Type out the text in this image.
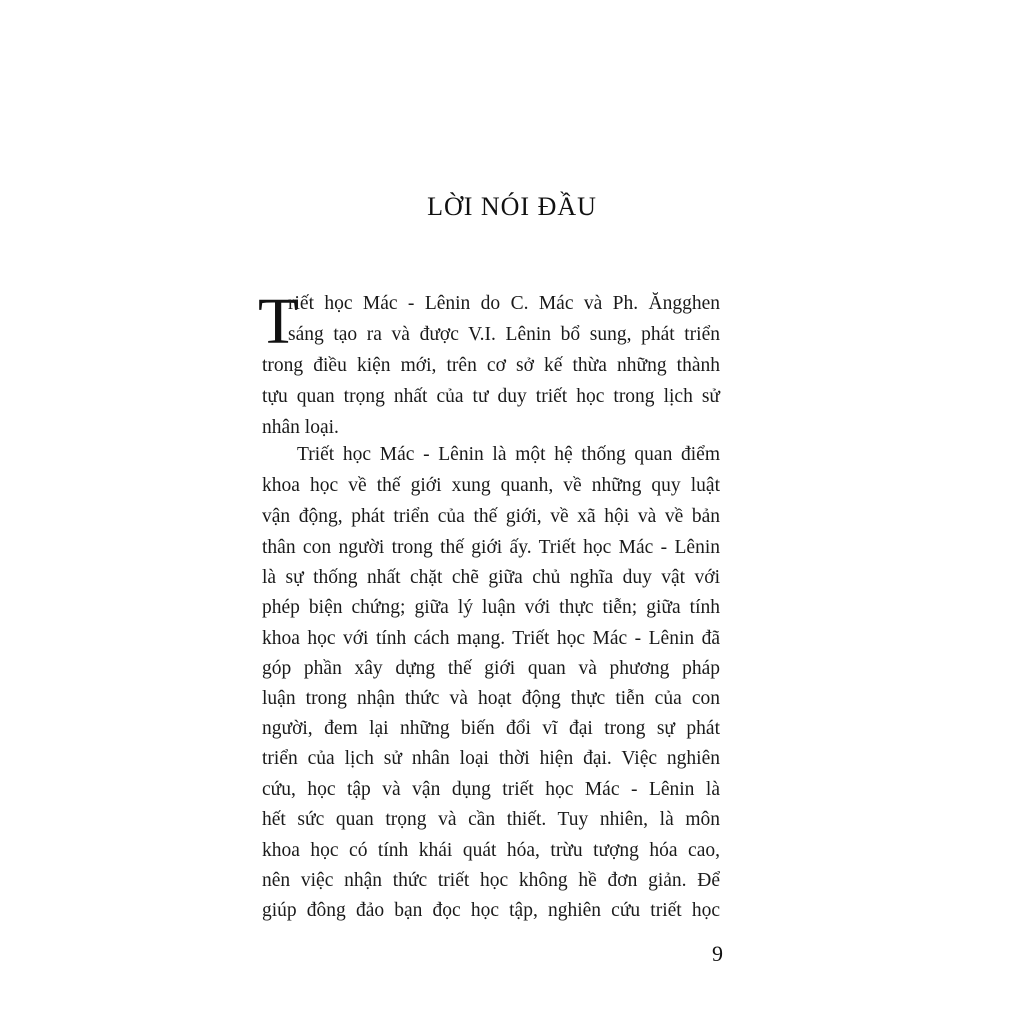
LỜI NÓI ĐẦU
T
riết học Mác - Lênin do C. Mác và Ph. Ăngghen
sáng tạo ra và được V.I. Lênin bổ sung, phát triển
trong điều kiện mới, trên cơ sở kế thừa những thành
tựu quan trọng nhất của tư duy triết học trong lịch sử
nhân loại.
Triết học Mác - Lênin là một hệ thống quan điểm
khoa học về thế giới xung quanh, về những quy luật
vận động, phát triển của thế giới, về xã hội và về bản
thân con người trong thế giới ấy. Triết học Mác - Lênin
là sự thống nhất chặt chẽ giữa chủ nghĩa duy vật với
phép biện chứng; giữa lý luận với thực tiễn; giữa tính
khoa học với tính cách mạng. Triết học Mác - Lênin đã
góp phần xây dựng thế giới quan và phương pháp
luận trong nhận thức và hoạt động thực tiễn của con
người, đem lại những biến đổi vĩ đại trong sự phát
triển của lịch sử nhân loại thời hiện đại. Việc nghiên
cứu, học tập và vận dụng triết học Mác - Lênin là
hết sức quan trọng và cần thiết. Tuy nhiên, là môn
khoa học có tính khái quát hóa, trừu tượng hóa cao,
nên việc nhận thức triết học không hề đơn giản. Để
giúp đông đảo bạn đọc học tập, nghiên cứu triết học
9
